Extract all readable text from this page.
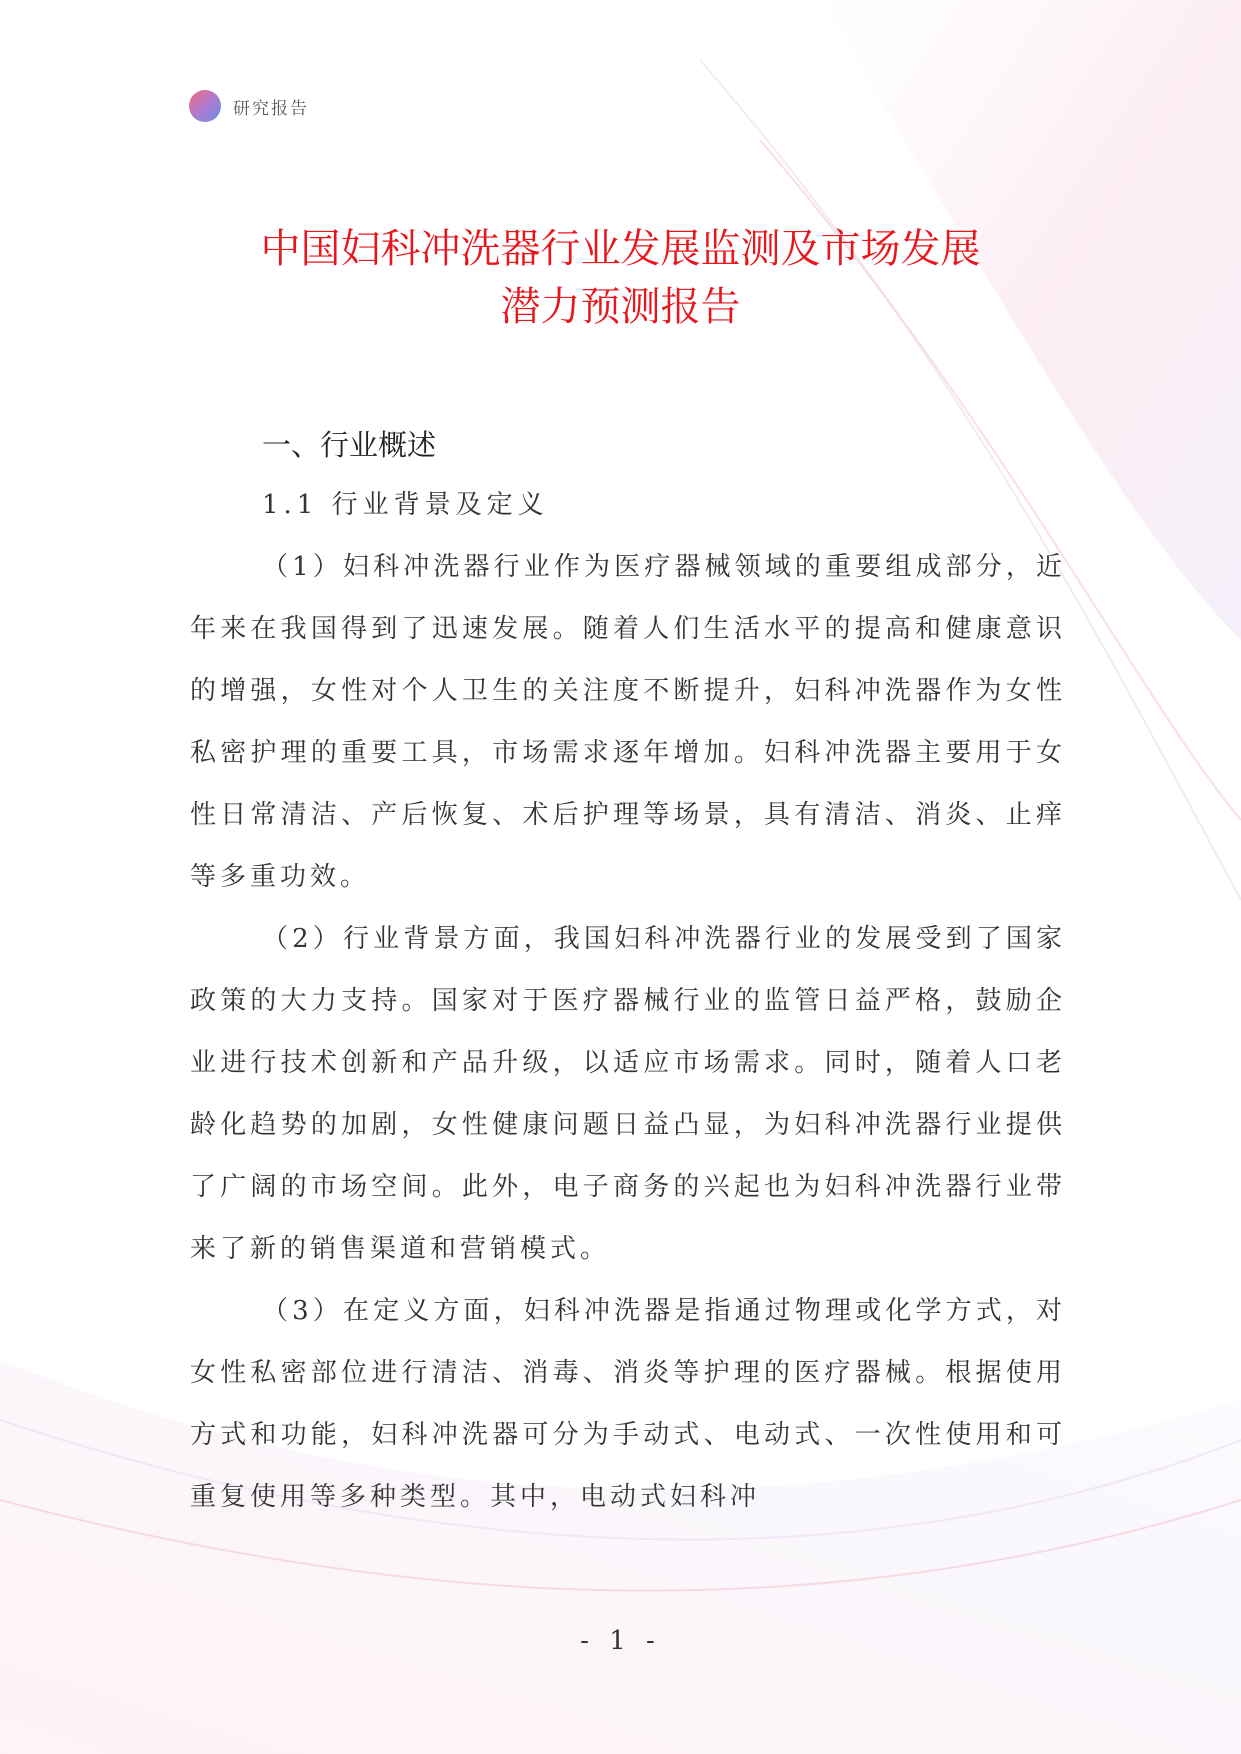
研究报告
中国妇科冲洗器行业发展监测及市场发展
潜力预测报告
一、行业概述
1.1 行业背景及定义

（1）妇科冲洗器行业作为医疗器械领域的重要组成部分，近年来在我国得到了迅速发展。随着人们生活水平的提高和健康意识的增强，女性对个人卫生的关注度不断提升，妇科冲洗器作为女性私密护理的重要工具，市场需求逐年增加。妇科冲洗器主要用于女性日常清洁、产后恢复、术后护理等场景，具有清洁、消炎、止痒等多重功效。

（2）行业背景方面，我国妇科冲洗器行业的发展受到了国家政策的大力支持。国家对于医疗器械行业的监管日益严格，鼓励企业进行技术创新和产品升级，以适应市场需求。同时，随着人口老龄化趋势的加剧，女性健康问题日益凸显，为妇科冲洗器行业提供了广阔的市场空间。此外，电子商务的兴起也为妇科冲洗器行业带来了新的销售渠道和营销模式。

（3）在定义方面，妇科冲洗器是指通过物理或化学方式，对女性私密部位进行清洁、消毒、消炎等护理的医疗器械。根据使用方式和功能，妇科冲洗器可分为手动式、电动式、一次性使用和可重复使用等多种类型。其中，电动式妇科冲

- 1 -
